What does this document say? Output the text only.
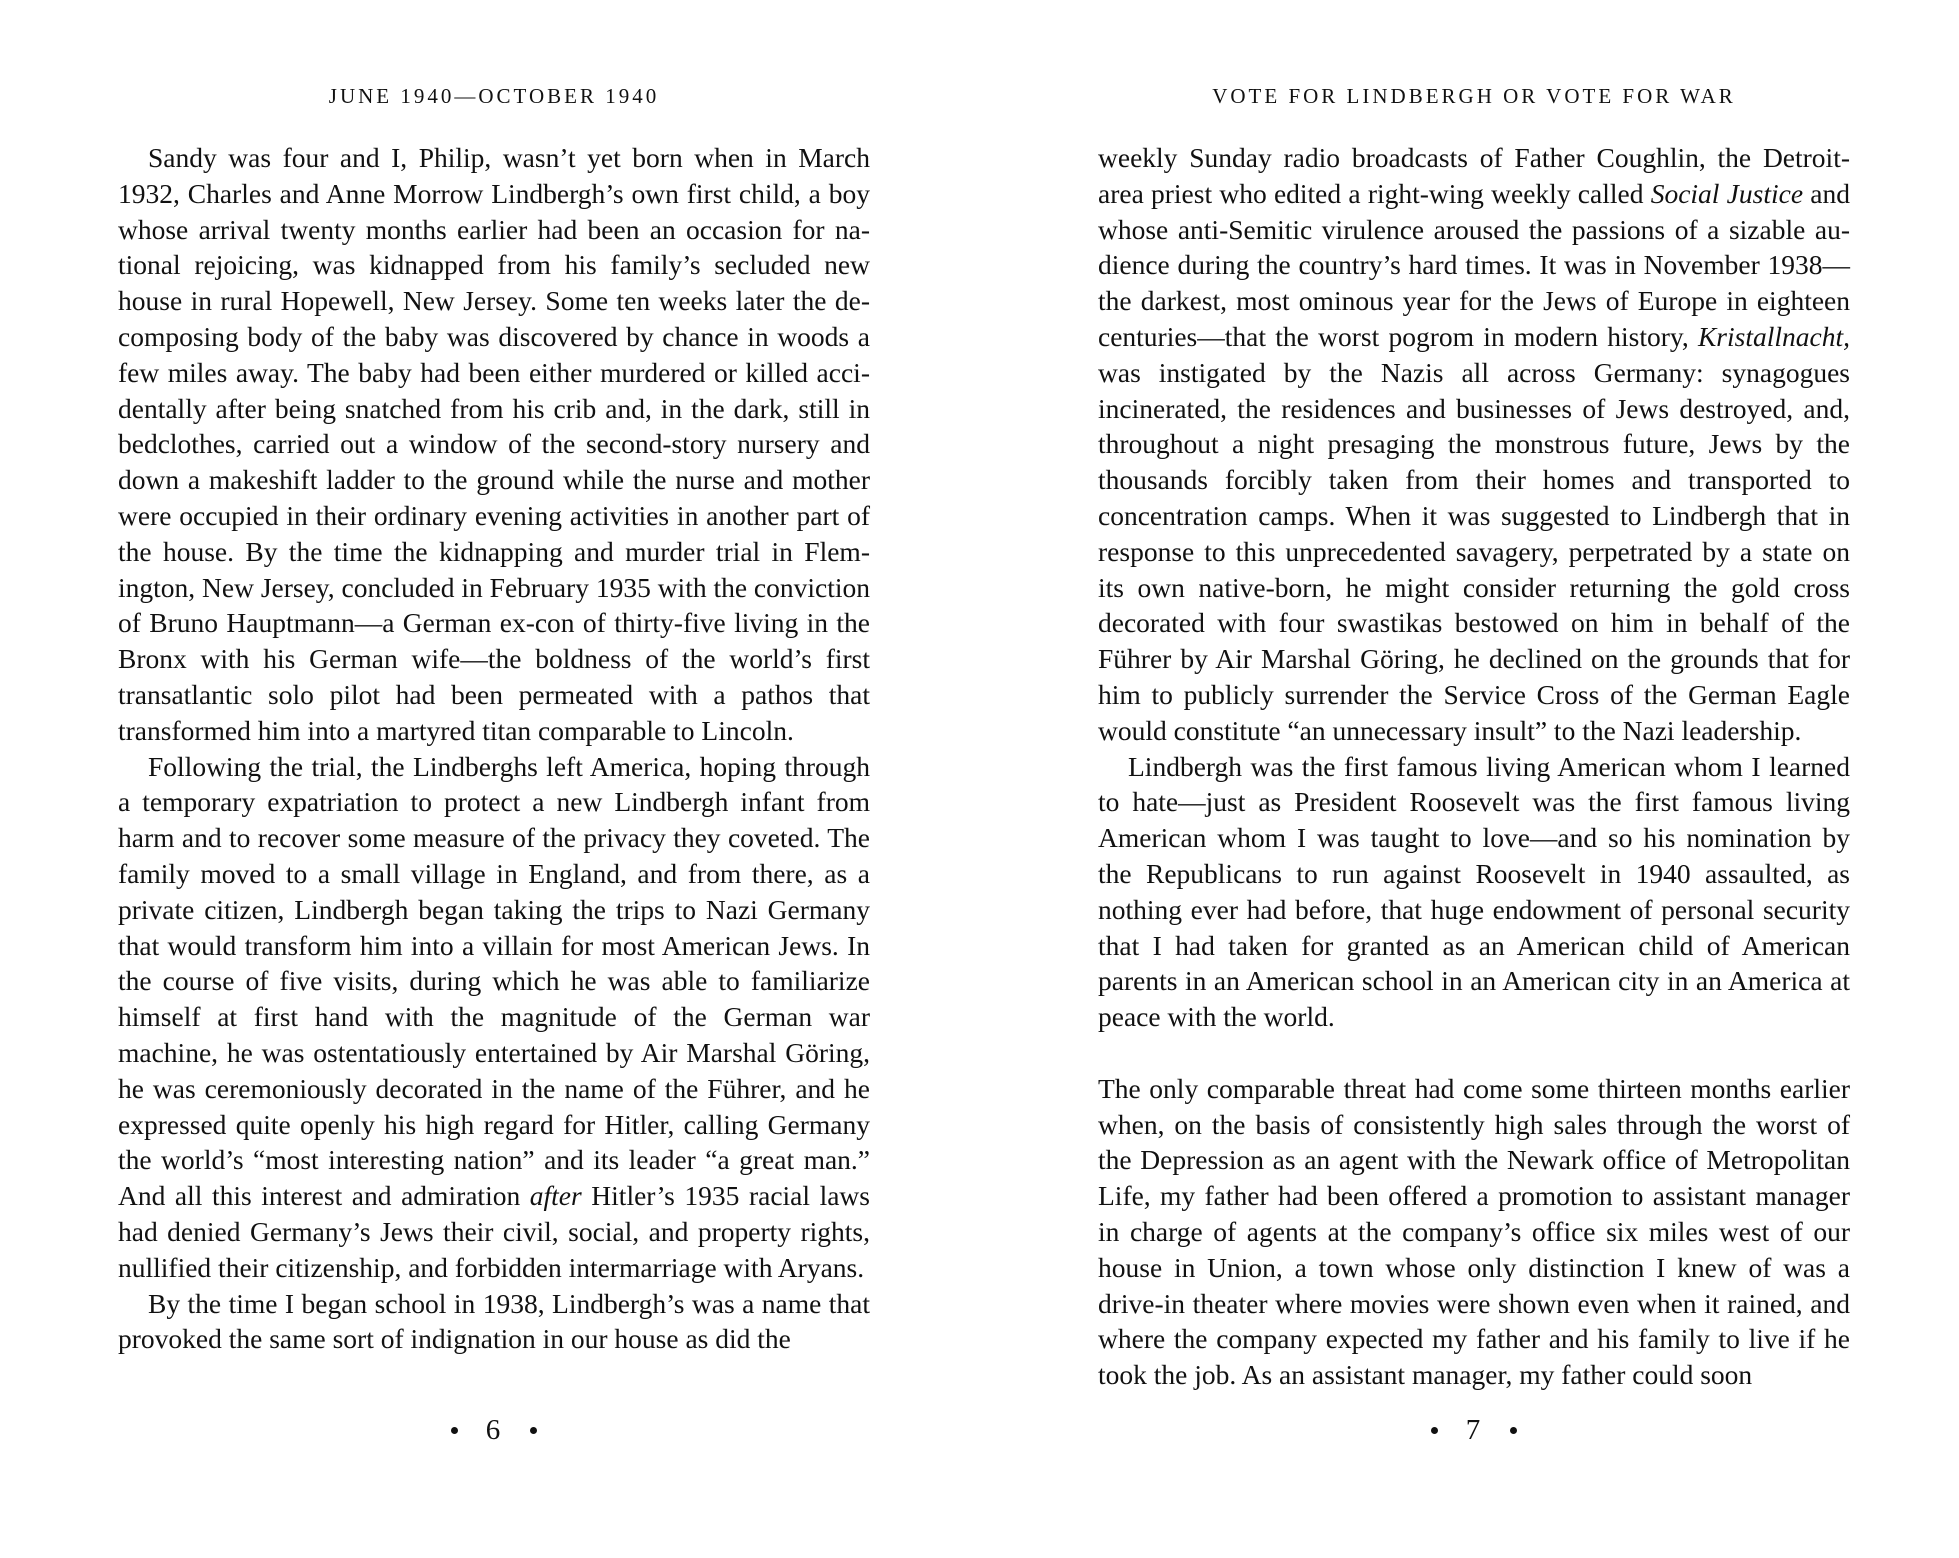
JUNE 1940—OCTOBER 1940

Sandy was four and I, Philip, wasn’t yet born when in March 1932, Charles and Anne Morrow Lindbergh’s own first child, a boy whose arrival twenty months earlier had been an occasion for national rejoicing, was kidnapped from his family’s secluded new house in rural Hopewell, New Jersey. Some ten weeks later the decomposing body of the baby was discovered by chance in woods a few miles away. The baby had been either murdered or killed accidentally after being snatched from his crib and, in the dark, still in bedclothes, carried out a window of the second-story nursery and down a makeshift ladder to the ground while the nurse and mother were occupied in their ordinary evening activities in another part of the house. By the time the kidnapping and murder trial in Flemington, New Jersey, concluded in February 1935 with the conviction of Bruno Hauptmann—a German ex-con of thirty-five living in the Bronx with his German wife—the boldness of the world’s first transatlantic solo pilot had been permeated with a pathos that transformed him into a martyred titan comparable to Lincoln.

Following the trial, the Lindberghs left America, hoping through a temporary expatriation to protect a new Lindbergh infant from harm and to recover some measure of the privacy they coveted. The family moved to a small village in England, and from there, as a private citizen, Lindbergh began taking the trips to Nazi Germany that would transform him into a villain for most American Jews. In the course of five visits, during which he was able to familiarize himself at first hand with the magnitude of the German war machine, he was ostentatiously entertained by Air Marshal Göring, he was ceremoniously decorated in the name of the Führer, and he expressed quite openly his high regard for Hitler, calling Germany the world’s “most interesting nation” and its leader “a great man.” And all this interest and admiration after Hitler’s 1935 racial laws had denied Germany’s Jews their civil, social, and property rights, nullified their citizenship, and forbidden intermarriage with Aryans.

By the time I began school in 1938, Lindbergh’s was a name that provoked the same sort of indignation in our house as did the

6
VOTE FOR LINDBERGH OR VOTE FOR WAR

weekly Sunday radio broadcasts of Father Coughlin, the Detroit-area priest who edited a right-wing weekly called Social Justice and whose anti-Semitic virulence aroused the passions of a sizable audience during the country’s hard times. It was in November 1938—the darkest, most ominous year for the Jews of Europe in eighteen centuries—that the worst pogrom in modern history, Kristallnacht, was instigated by the Nazis all across Germany: synagogues incinerated, the residences and businesses of Jews destroyed, and, throughout a night presaging the monstrous future, Jews by the thousands forcibly taken from their homes and transported to concentration camps. When it was suggested to Lindbergh that in response to this unprecedented savagery, perpetrated by a state on its own native-born, he might consider returning the gold cross decorated with four swastikas bestowed on him in behalf of the Führer by Air Marshal Göring, he declined on the grounds that for him to publicly surrender the Service Cross of the German Eagle would constitute “an unnecessary insult” to the Nazi leadership.

Lindbergh was the first famous living American whom I learned to hate—just as President Roosevelt was the first famous living American whom I was taught to love—and so his nomination by the Republicans to run against Roosevelt in 1940 assaulted, as nothing ever had before, that huge endowment of personal security that I had taken for granted as an American child of American parents in an American school in an American city in an America at peace with the world.

The only comparable threat had come some thirteen months earlier when, on the basis of consistently high sales through the worst of the Depression as an agent with the Newark office of Metropolitan Life, my father had been offered a promotion to assistant manager in charge of agents at the company’s office six miles west of our house in Union, a town whose only distinction I knew of was a drive-in theater where movies were shown even when it rained, and where the company expected my father and his family to live if he took the job. As an assistant manager, my father could soon

7
